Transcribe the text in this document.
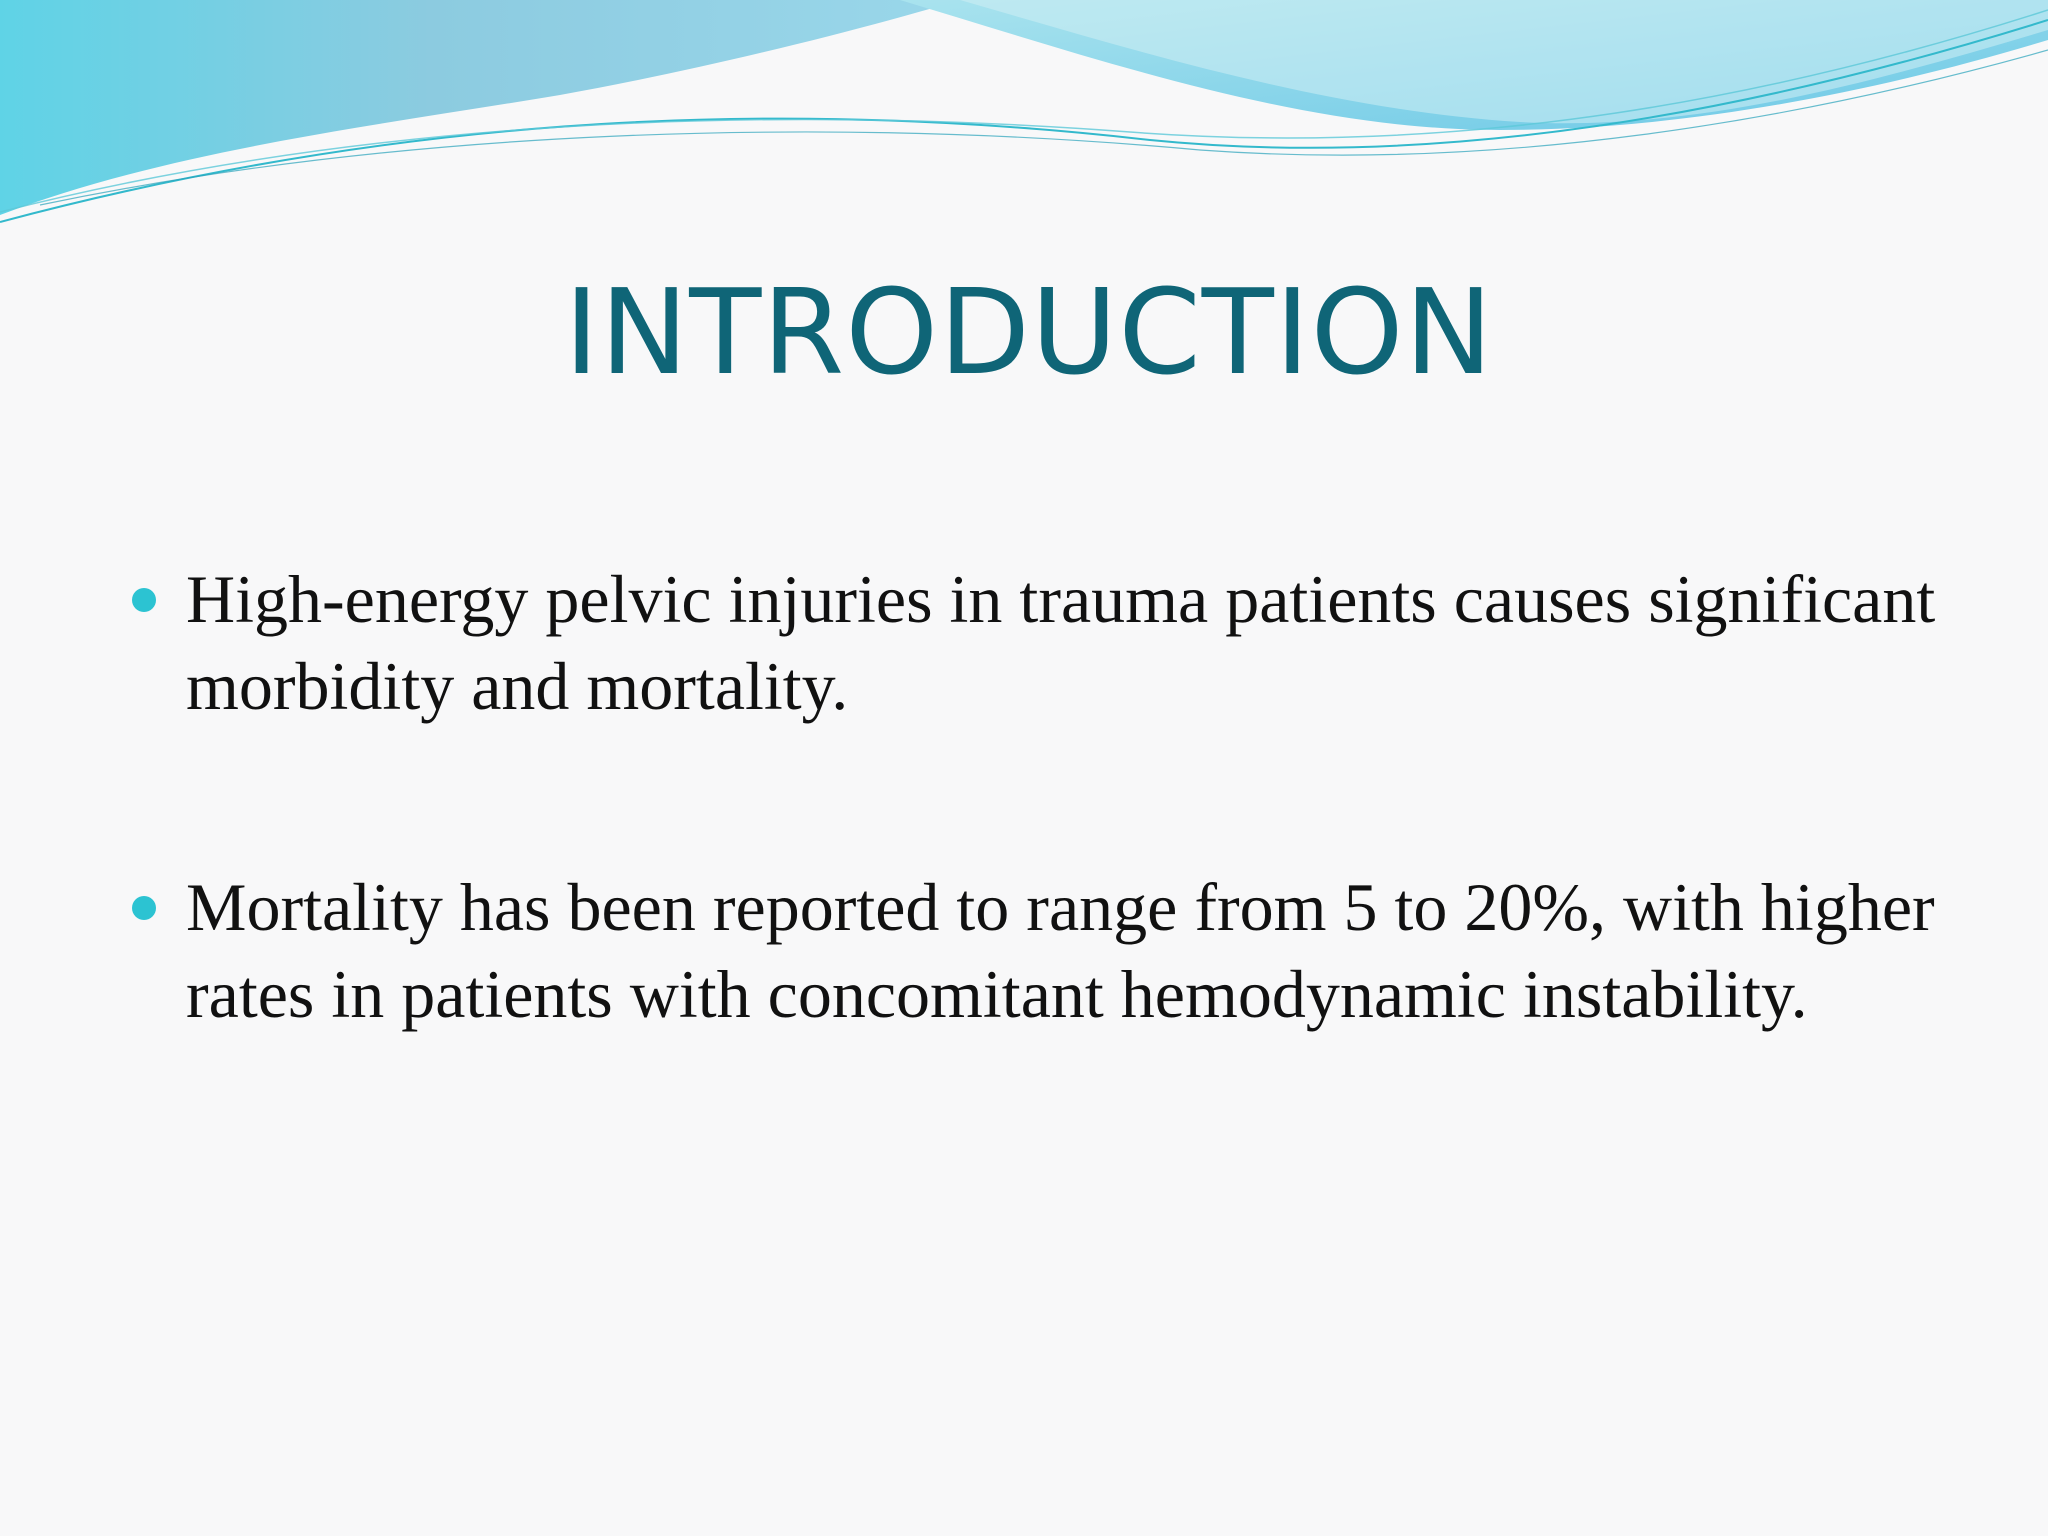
INTRODUCTION
High-energy pelvic injuries in trauma patients causes significant morbidity and mortality.
Mortality has been reported to range from 5 to 20%, with higher rates in patients with concomitant hemodynamic instability.
